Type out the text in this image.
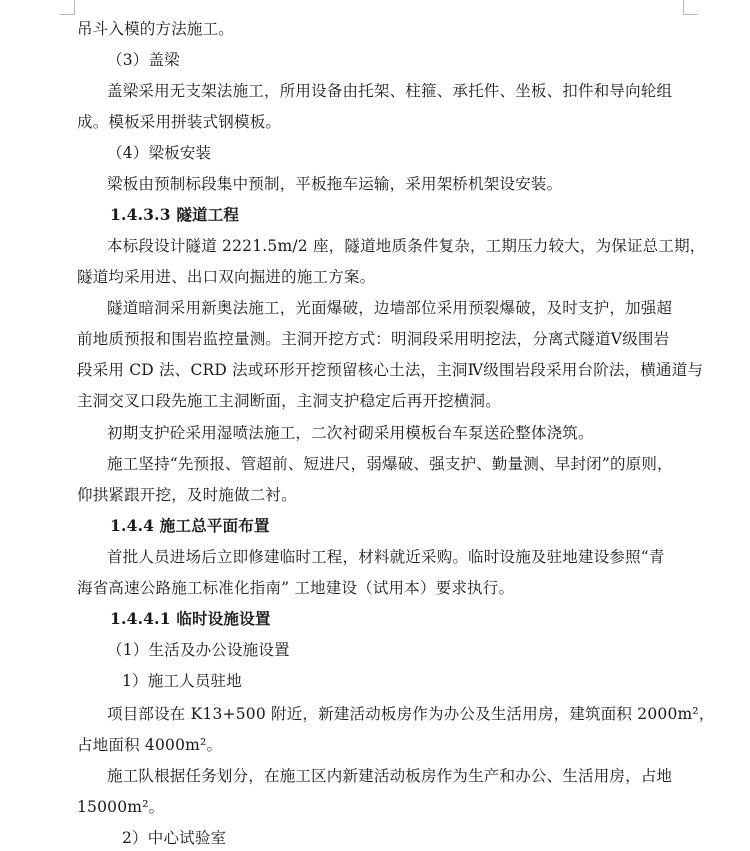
吊斗入模的方法施工。
（3）盖梁
盖梁采用无支架法施工，所用设备由托架、柱箍、承托件、坐板、扣件和导向轮组
成。模板采用拼装式钢模板。
（4）梁板安装
梁板由预制标段集中预制，平板拖车运输，采用架桥机架设安装。
1.4.3.3 隧道工程
本标段设计隧道 2221.5m/2 座，隧道地质条件复杂，工期压力较大，为保证总工期，
隧道均采用进、出口双向掘进的施工方案。
隧道暗洞采用新奥法施工，光面爆破，边墙部位采用预裂爆破，及时支护，加强超
前地质预报和围岩监控量测。主洞开挖方式：明洞段采用明挖法，分离式隧道Ⅴ级围岩
段采用 CD 法、CRD 法或环形开挖预留核心土法，主洞Ⅳ级围岩段采用台阶法，横通道与
主洞交叉口段先施工主洞断面，主洞支护稳定后再开挖横洞。
初期支护砼采用湿喷法施工，二次衬砌采用模板台车泵送砼整体浇筑。
施工坚持“先预报、管超前、短进尺，弱爆破、强支护、勤量测、早封闭”的原则，
仰拱紧跟开挖，及时施做二衬。
1.4.4 施工总平面布置
首批人员进场后立即修建临时工程，材料就近采购。临时设施及驻地建设参照“青
海省高速公路施工标准化指南” 工地建设（试用本）要求执行。
1.4.4.1 临时设施设置
（1）生活及办公设施设置
1）施工人员驻地
项目部设在 K13+500 附近，新建活动板房作为办公及生活用房，建筑面积 2000m²，
占地面积 4000m²。
施工队根据任务划分，在施工区内新建活动板房作为生产和办公、生活用房，占地
15000m²。
2）中心试验室
